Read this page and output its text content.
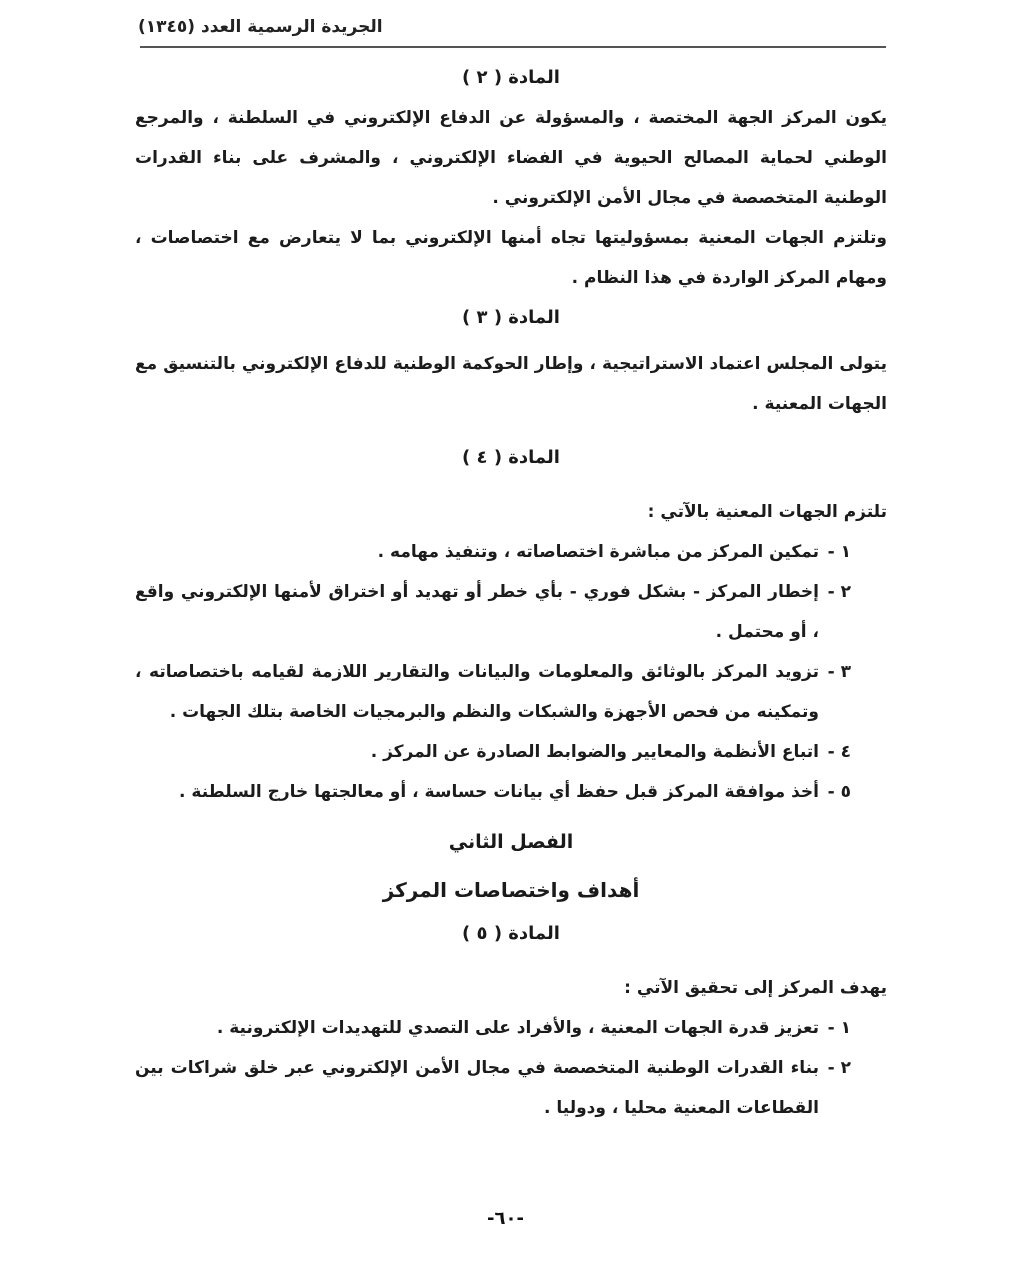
الجريدة الرسمية العدد (١٣٤٥)
المادة ( ٢ )

يكون المركز الجهة المختصة ، والمسؤولة عن الدفاع الإلكتروني في السلطنة ، والمرجع الوطني لحماية المصالح الحيوية في الفضاء الإلكتروني ، والمشرف على بناء القدرات الوطنية المتخصصة في مجال الأمن الإلكتروني .

وتلتزم الجهات المعنية بمسؤوليتها تجاه أمنها الإلكتروني بما لا يتعارض مع اختصاصات ، ومهام المركز الواردة في هذا النظام .

المادة ( ٣ )

يتولى المجلس اعتماد الاستراتيجية ، وإطار الحوكمة الوطنية للدفاع الإلكتروني بالتنسيق مع الجهات المعنية .

المادة ( ٤ )

تلتزم الجهات المعنية بالآتي :

١ -
تمكين المركز من مباشرة اختصاصاته ، وتنفيذ مهامه .

٢ -
إخطار المركز - بشكل فوري - بأي خطر أو تهديد أو اختراق لأمنها الإلكتروني واقع ، أو محتمل .

٣ -
تزويد المركز بالوثائق والمعلومات والبيانات والتقارير اللازمة لقيامه باختصاصاته ، وتمكينه من فحص الأجهزة والشبكات والنظم والبرمجيات الخاصة بتلك الجهات .

٤ -
اتباع الأنظمة والمعايير والضوابط الصادرة عن المركز .

٥ -
أخذ موافقة المركز قبل حفظ أي بيانات حساسة ، أو معالجتها خارج السلطنة .

الفصل الثاني
أهداف واختصاصات المركز
المادة ( ٥ )

يهدف المركز إلى تحقيق الآتي :

١ -
تعزيز قدرة الجهات المعنية ، والأفراد على التصدي للتهديدات الإلكترونية .

٢ -
بناء القدرات الوطنية المتخصصة في مجال الأمن الإلكتروني عبر خلق شراكات بين القطاعات المعنية محليا ، ودوليا .

-٦٠-
